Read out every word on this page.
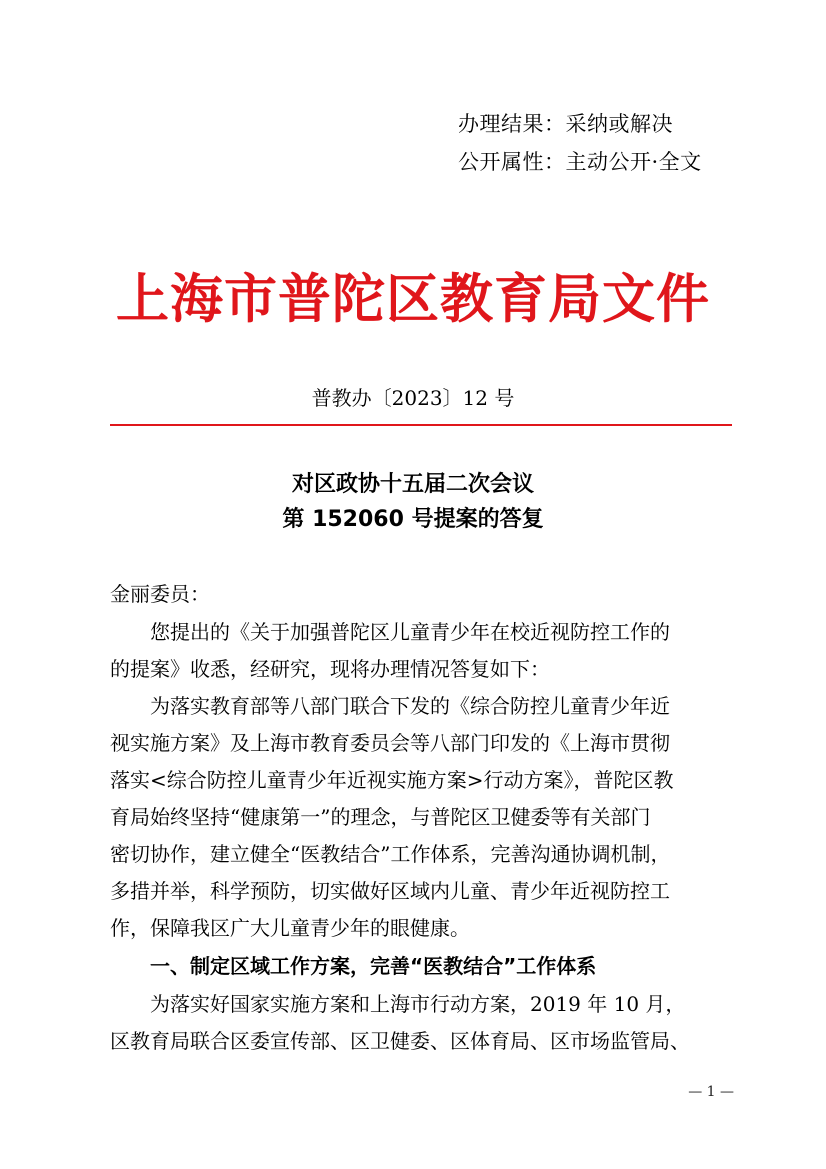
办理结果：采纳或解决
公开属性：主动公开·全文
上海市普陀区教育局文件
普教办〔2023〕12 号
对区政协十五届二次会议
第 152060 号提案的答复
金丽委员：
您提出的《关于加强普陀区儿童青少年在校近视防控工作的
的提案》收悉，经研究，现将办理情况答复如下：
为落实教育部等八部门联合下发的《综合防控儿童青少年近
视实施方案》及上海市教育委员会等八部门印发的《上海市贯彻
落实<综合防控儿童青少年近视实施方案>行动方案》，普陀区教
育局始终坚持“健康第一”的理念，与普陀区卫健委等有关部门
密切协作，建立健全“医教结合”工作体系，完善沟通协调机制，
多措并举，科学预防，切实做好区域内儿童、青少年近视防控工
作，保障我区广大儿童青少年的眼健康。
一、制定区域工作方案，完善“医教结合”工作体系
为落实好国家实施方案和上海市行动方案，2019 年 10 月，
区教育局联合区委宣传部、区卫健委、区体育局、区市场监管局、
— 1 —
